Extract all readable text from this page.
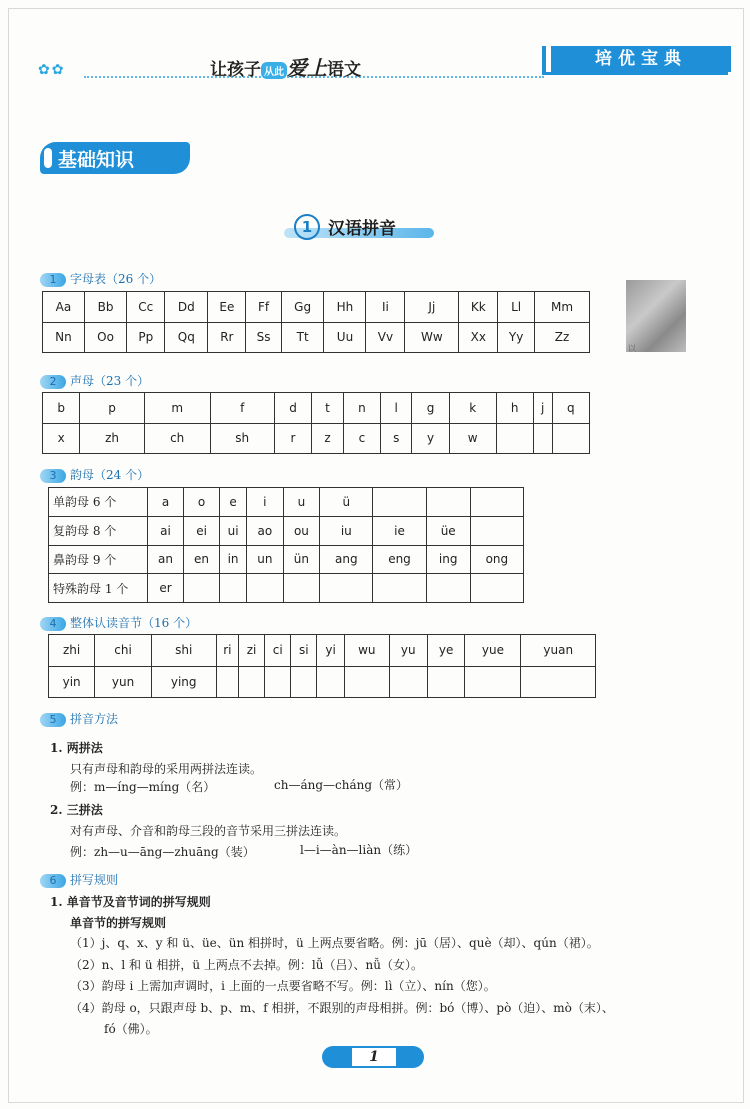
✿✿	让孩子 从此 爱上语文
培优宝典
基础知识
1 汉语拼音
以
1 字母表（26 个）
Aa	Bb	Cc	Dd	Ee	Ff	Gg	Hh	Ii	Jj	Kk	Ll	Mm
Nn	Oo	Pp	Qq	Rr	Ss	Tt	Uu	Vv	Ww	Xx	Yy	Zz
2 声母（23 个）
b	p	m	f	d	t	n	l	g	k	h	j	q
x	zh	ch	sh	r	z	c	s	y	w			
3 韵母（24 个）
单韵母 6 个	a	o	e	i	u	ü			
复韵母 8 个	ai	ei	ui	ao	ou	iu	ie	üe	
鼻韵母 9 个	an	en	in	un	ün	ang	eng	ing	ong
特殊韵母 1 个	er								
4 整体认读音节（16 个）
zhi	chi	shi	ri	zi	ci	si	yi	wu	yu	ye	yue	yuan
yin	yun	ying										
5 拼音方法
1. 两拼法
只有声母和韵母的采用两拼法连读。
例：m—íng—míng（名）	ch—áng—cháng（常）
2. 三拼法
对有声母、介音和韵母三段的音节采用三拼法连读。
例：zh—u—āng—zhuāng（装）	l—i—àn—liàn（练）
6 拼写规则
1. 单音节及音节词的拼写规则
单音节的拼写规则
（1）j、q、x、y 和 ü、üe、ün 相拼时，ü 上两点要省略。例：jū（居）、què（却）、qún（裙）。
（2）n、l 和 ü 相拼，ü 上两点不去掉。例：lǚ（吕）、nǚ（女）。
（3）韵母 i 上需加声调时，i 上面的一点要省略不写。例：lì（立）、nín（您）。
（4）韵母 o，只跟声母 b、p、m、f 相拼，不跟别的声母相拼。例：bó（博）、pò（迫）、mò（末）、
fó（佛）。
1
